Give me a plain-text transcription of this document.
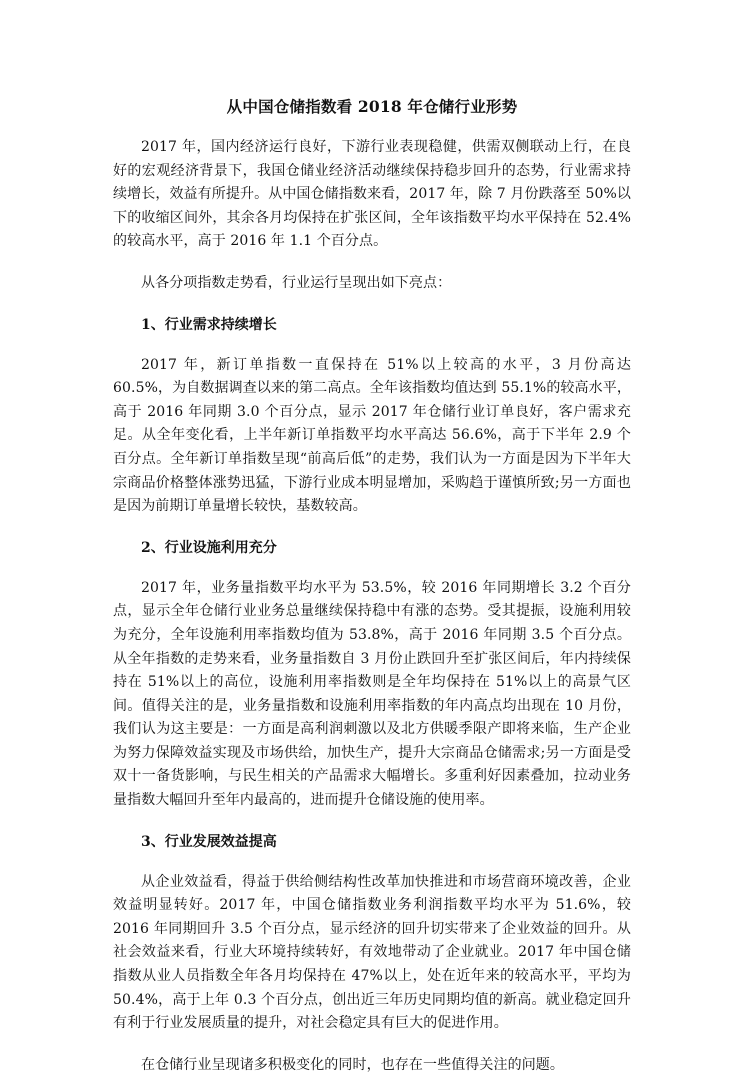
从中国仓储指数看 2018 年仓储行业形势

2017 年，国内经济运行良好，下游行业表现稳健，供需双侧联动上行，在良好的宏观经济背景下，我国仓储业经济活动继续保持稳步回升的态势，行业需求持续增长，效益有所提升。从中国仓储指数来看，2017 年，除 7 月份跌落至 50%以下的收缩区间外，其余各月均保持在扩张区间，全年该指数平均水平保持在 52.4%的较高水平，高于 2016 年 1.1 个百分点。

从各分项指数走势看，行业运行呈现出如下亮点：

1、行业需求持续增长

2017 年，新订单指数一直保持在 51%以上较高的水平，3 月份高达 60.5%，为自数据调查以来的第二高点。全年该指数均值达到 55.1%的较高水平，高于 2016 年同期 3.0 个百分点，显示 2017 年仓储行业订单良好，客户需求充足。从全年变化看，上半年新订单指数平均水平高达 56.6%，高于下半年 2.9 个百分点。全年新订单指数呈现“前高后低”的走势，我们认为一方面是因为下半年大宗商品价格整体涨势迅猛，下游行业成本明显增加，采购趋于谨慎所致;另一方面也是因为前期订单量增长较快，基数较高。

2、行业设施利用充分

2017 年，业务量指数平均水平为 53.5%，较 2016 年同期增长 3.2 个百分点，显示全年仓储行业业务总量继续保持稳中有涨的态势。受其提振，设施利用较为充分，全年设施利用率指数均值为 53.8%，高于 2016 年同期 3.5 个百分点。从全年指数的走势来看，业务量指数自 3 月份止跌回升至扩张区间后，年内持续保持在 51%以上的高位，设施利用率指数则是全年均保持在 51%以上的高景气区间。值得关注的是，业务量指数和设施利用率指数的年内高点均出现在 10 月份，我们认为这主要是：一方面是高利润刺激以及北方供暖季限产即将来临，生产企业为努力保障效益实现及市场供给，加快生产，提升大宗商品仓储需求;另一方面是受双十一备货影响，与民生相关的产品需求大幅增长。多重利好因素叠加，拉动业务量指数大幅回升至年内最高的，进而提升仓储设施的使用率。

3、行业发展效益提高

从企业效益看，得益于供给侧结构性改革加快推进和市场营商环境改善，企业效益明显转好。2017 年，中国仓储指数业务利润指数平均水平为 51.6%，较 2016 年同期回升 3.5 个百分点，显示经济的回升切实带来了企业效益的回升。从社会效益来看，行业大环境持续转好，有效地带动了企业就业。2017 年中国仓储指数从业人员指数全年各月均保持在 47%以上，处在近年来的较高水平，平均为 50.4%，高于上年 0.3 个百分点，创出近三年历史同期均值的新高。就业稳定回升有利于行业发展质量的提升，对社会稳定具有巨大的促进作用。

在仓储行业呈现诸多积极变化的同时，也存在一些值得关注的问题。
